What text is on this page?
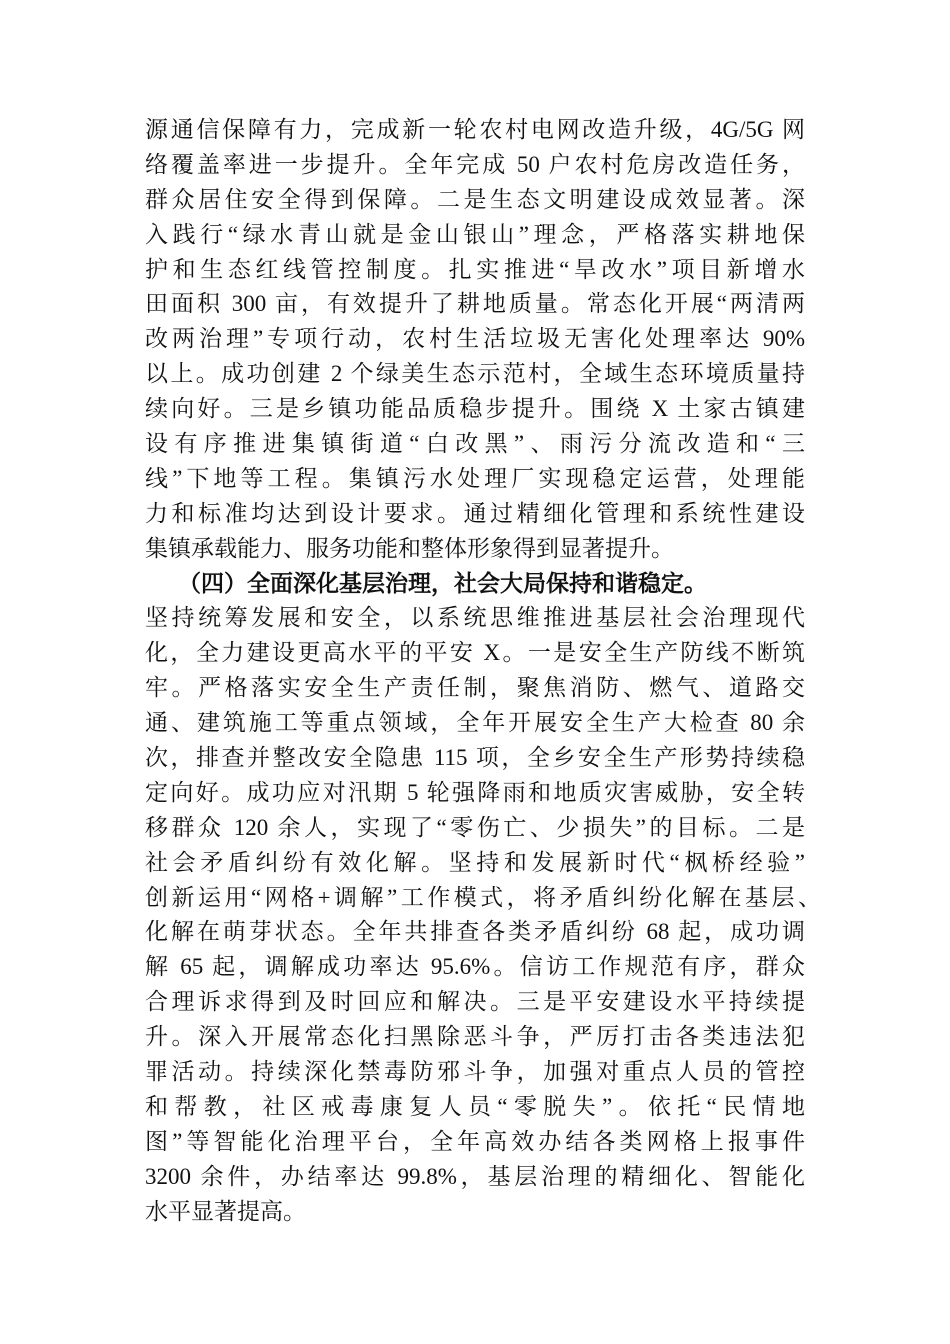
源通信保障有力，完成新一轮农村电网改造升级，4G/5G 网
络覆盖率进一步提升。全年完成 50 户农村危房改造任务，
群众居住安全得到保障。二是生态文明建设成效显著。深
入践行“绿水青山就是金山银山”理念，严格落实耕地保
护和生态红线管控制度。扎实推进“旱改水”项目新增水
田面积 300 亩，有效提升了耕地质量。常态化开展“两清两
改两治理”专项行动，农村生活垃圾无害化处理率达 90%
以上。成功创建 2 个绿美生态示范村，全域生态环境质量持
续向好。三是乡镇功能品质稳步提升。围绕 X 土家古镇建
设有序推进集镇街道“白改黑”、雨污分流改造和“三
线”下地等工程。集镇污水处理厂实现稳定运营，处理能
力和标准均达到设计要求。通过精细化管理和系统性建设
集镇承载能力、服务功能和整体形象得到显著提升。
（四）全面深化基层治理，社会大局保持和谐稳定。
坚持统筹发展和安全，以系统思维推进基层社会治理现代
化，全力建设更高水平的平安 X。一是安全生产防线不断筑
牢。严格落实安全生产责任制，聚焦消防、燃气、道路交
通、建筑施工等重点领域，全年开展安全生产大检查 80 余
次，排查并整改安全隐患 115 项，全乡安全生产形势持续稳
定向好。成功应对汛期 5 轮强降雨和地质灾害威胁，安全转
移群众 120 余人，实现了“零伤亡、少损失”的目标。二是
社会矛盾纠纷有效化解。坚持和发展新时代“枫桥经验”
创新运用“网格+调解”工作模式，将矛盾纠纷化解在基层、
化解在萌芽状态。全年共排查各类矛盾纠纷 68 起，成功调
解 65 起，调解成功率达 95.6%。信访工作规范有序，群众
合理诉求得到及时回应和解决。三是平安建设水平持续提
升。深入开展常态化扫黑除恶斗争，严厉打击各类违法犯
罪活动。持续深化禁毒防邪斗争，加强对重点人员的管控
和帮教，社区戒毒康复人员“零脱失”。依托“民情地
图”等智能化治理平台，全年高效办结各类网格上报事件
3200 余件，办结率达 99.8%，基层治理的精细化、智能化
水平显著提高。
